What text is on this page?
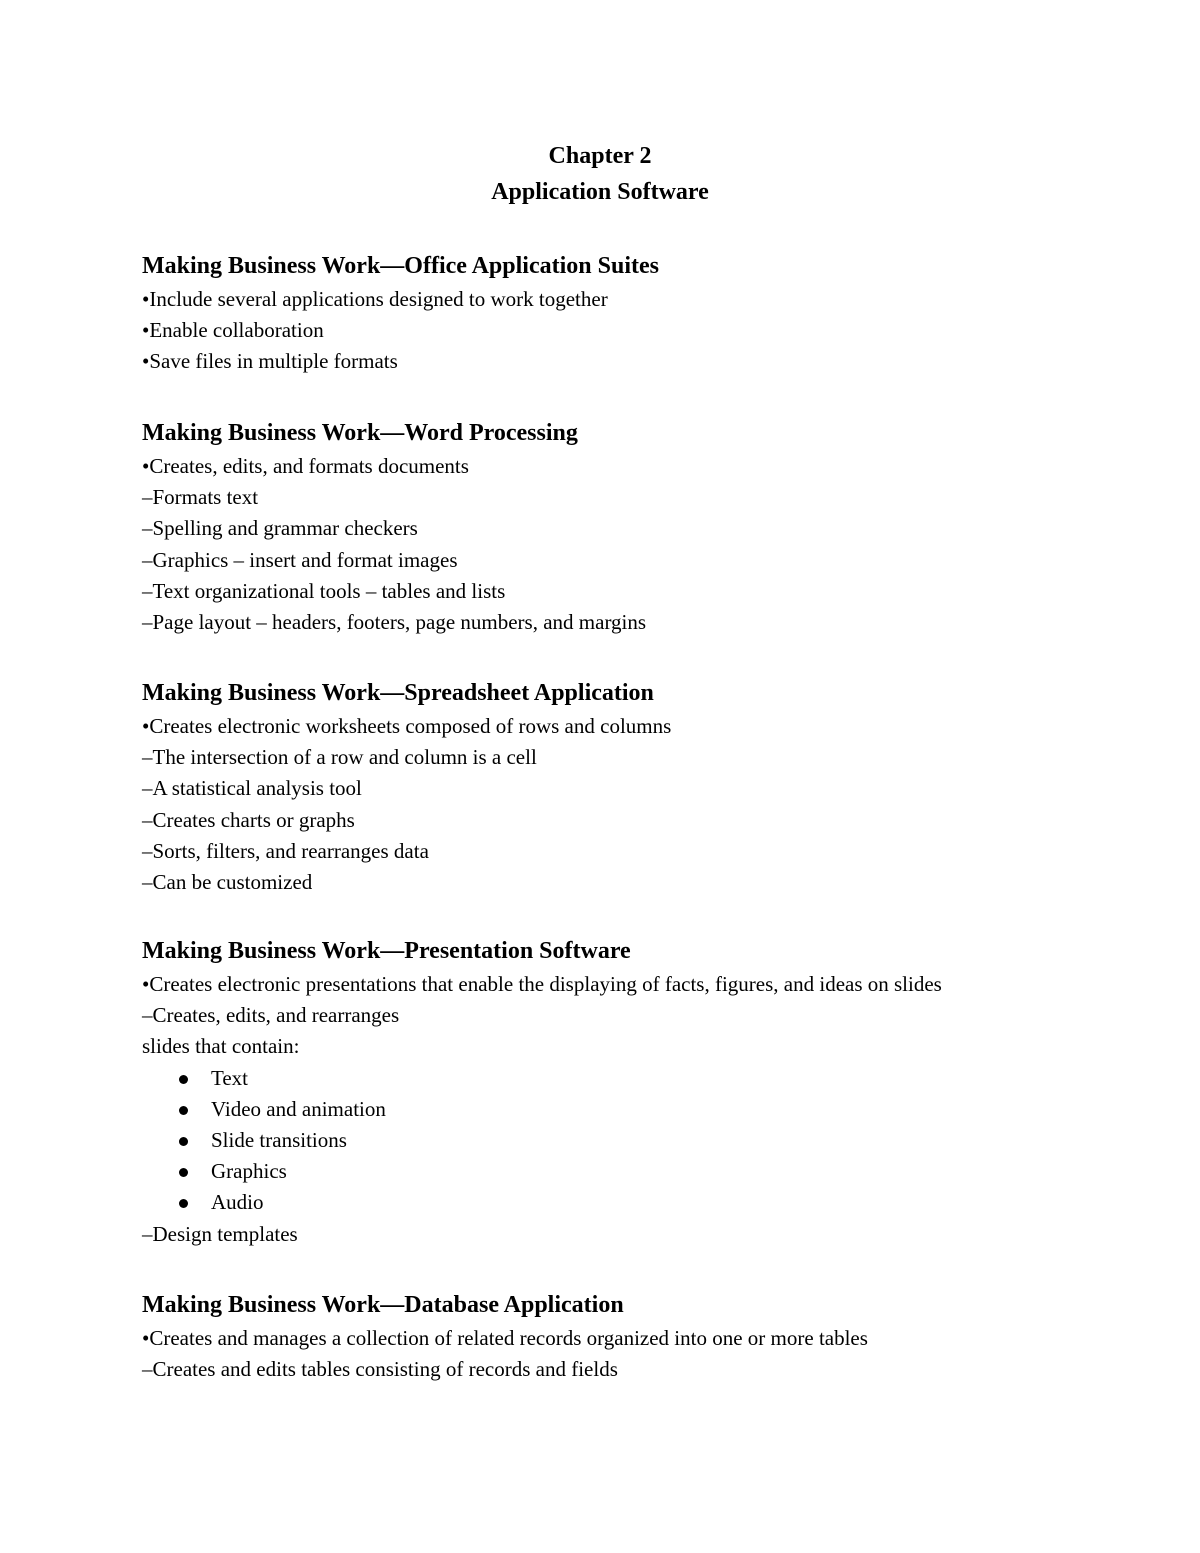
Chapter 2
Application Software
Making Business Work—Office Application Suites
•Include several applications designed to work together
•Enable collaboration
•Save files in multiple formats
Making Business Work—Word Processing
•Creates, edits, and formats documents
–Formats text
–Spelling and grammar checkers
–Graphics – insert and format images
–Text organizational tools – tables and lists
–Page layout – headers, footers, page numbers, and margins
Making Business Work—Spreadsheet Application
•Creates electronic worksheets composed of rows and columns
–The intersection of a row and column is a cell
–A statistical analysis tool
–Creates charts or graphs
–Sorts, filters, and rearranges data
–Can be customized
Making Business Work—Presentation Software
•Creates electronic presentations that enable the displaying of facts, figures, and ideas on slides
–Creates, edits, and rearranges
slides that contain:
Text
Video and animation
Slide transitions
Graphics
Audio
–Design templates
Making Business Work—Database Application
•Creates and manages a collection of related records organized into one or more tables
–Creates and edits tables consisting of records and fields
